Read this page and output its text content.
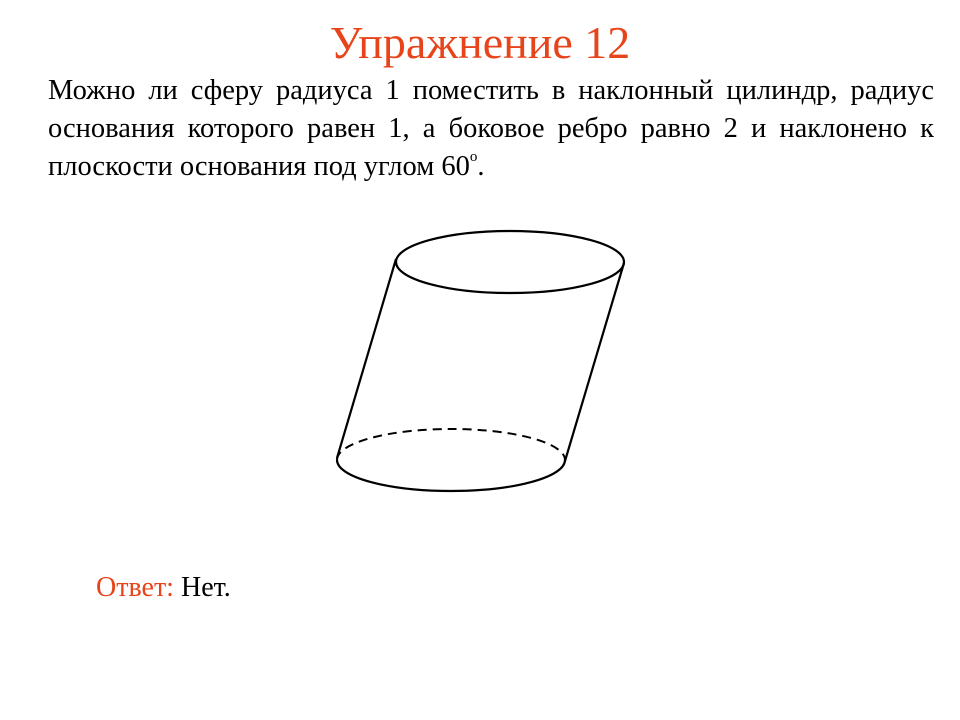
Упражнение 12
Можно ли сферу радиуса 1 поместить в наклонный цилиндр, радиус основания которого равен 1, а боковое ребро равно 2 и наклонено к плоскости основания под углом 60$^o$.
Ответ: Нет.
